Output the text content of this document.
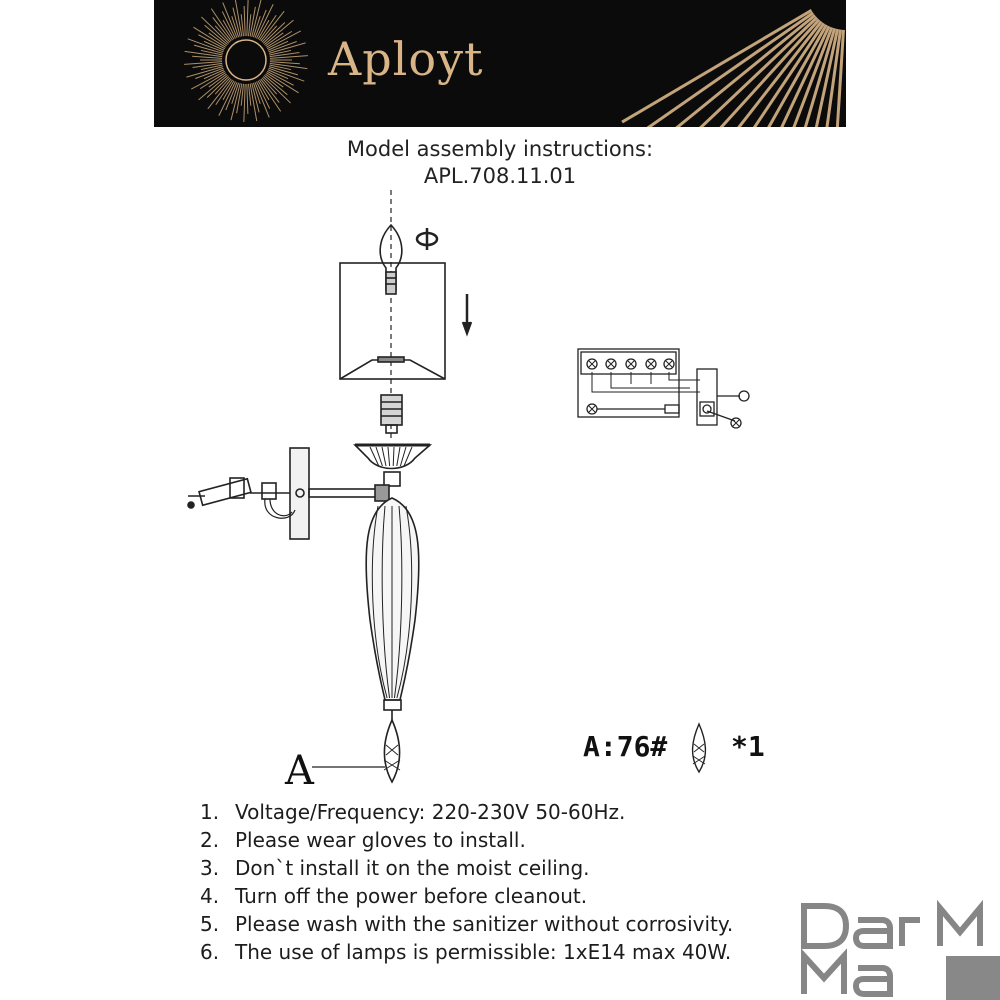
Aployt
Model assembly instructions:
APL.708.11.01
A
A:76# *1
1. Voltage/Frequency: 220-230V 50-60Hz.
2. Please wear gloves to install.
3. Don`t install it on the moist ceiling.
4. Turn off the power before cleanout.
5. Please wash with the sanitizer without corrosivity.
6. The use of lamps is permissible: 1xE14 max 40W.
